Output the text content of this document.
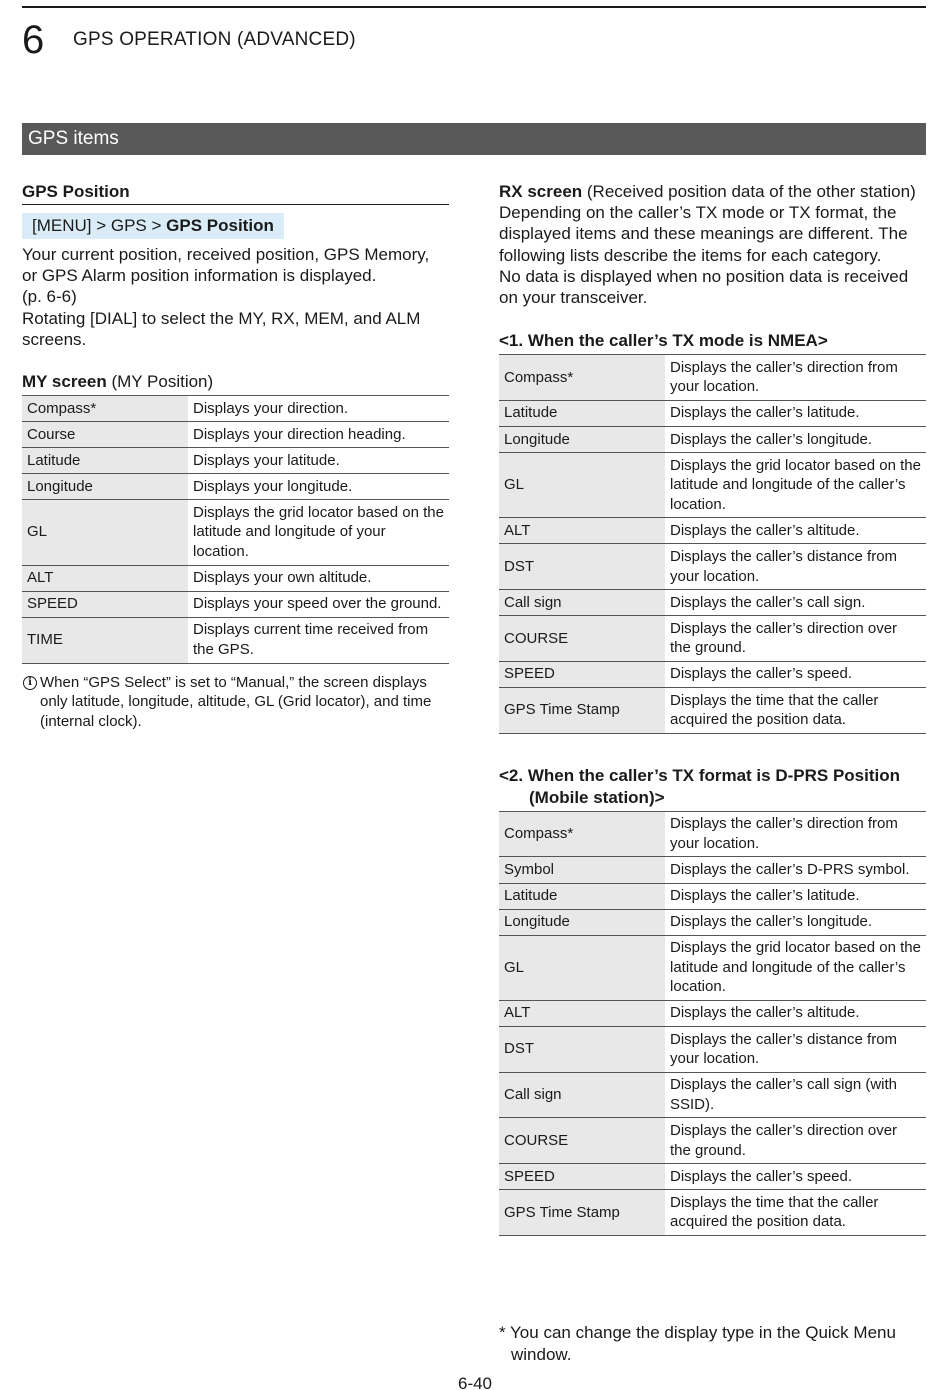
6 GPS OPERATION (ADVANCED)
GPS items
GPS Position
[MENU] > GPS > GPS Position
Your current position, received position, GPS Memory,
or GPS Alarm position information is displayed.
(p. 6-6)
Rotating [DIAL] to select the MY, RX, MEM, and ALM
screens.
MY screen (MY Position)
Compass*	Displays your direction.
Course	Displays your direction heading.
Latitude	Displays your latitude.
Longitude	Displays your longitude.
GL	Displays the grid locator based on the latitude and longitude of your location.
ALT	Displays your own altitude.
SPEED	Displays your speed over the ground.
TIME	Displays current time received from the GPS.
i When “GPS Select” is set to “Manual,” the screen displays only latitude, longitude, altitude, GL (Grid locator), and time (internal clock).
RX screen (Received position data of the other station)
Depending on the caller’s TX mode or TX format, the
displayed items and these meanings are different. The
following lists describe the items for each category.
No data is displayed when no position data is received
on your transceiver.
<1. When the caller’s TX mode is NMEA>
Compass*	Displays the caller’s direction from your location.
Latitude	Displays the caller’s latitude.
Longitude	Displays the caller’s longitude.
GL	Displays the grid locator based on the latitude and longitude of the caller’s location.
ALT	Displays the caller’s altitude.
DST	Displays the caller’s distance from your location.
Call sign	Displays the caller’s call sign.
COURSE	Displays the caller’s direction over the ground.
SPEED	Displays the caller’s speed.
GPS Time Stamp	Displays the time that the caller acquired the position data.
<2. When the caller’s TX format is D-PRS Position (Mobile station)>
Compass*	Displays the caller’s direction from your location.
Symbol	Displays the caller’s D-PRS symbol.
Latitude	Displays the caller’s latitude.
Longitude	Displays the caller’s longitude.
GL	Displays the grid locator based on the latitude and longitude of the caller’s location.
ALT	Displays the caller’s altitude.
DST	Displays the caller’s distance from your location.
Call sign	Displays the caller’s call sign (with SSID).
COURSE	Displays the caller’s direction over the ground.
SPEED	Displays the caller’s speed.
GPS Time Stamp	Displays the time that the caller acquired the position data.
* You can change the display type in the Quick Menu window.
6-40
